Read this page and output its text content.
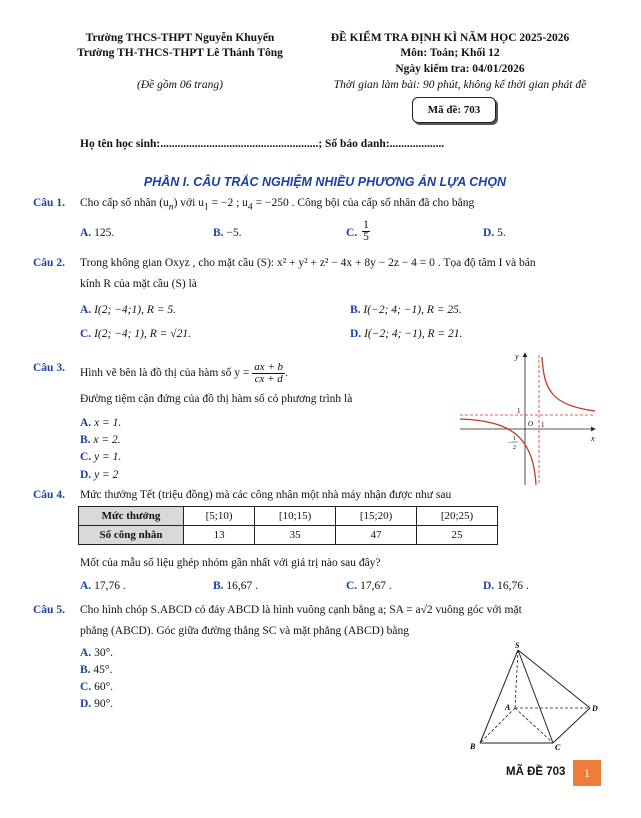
Trường THCS-THPT Nguyễn Khuyến
Trường TH-THCS-THPT Lê Thánh Tông
(Đề gồm 06 trang)
ĐỀ KIỂM TRA ĐỊNH KÌ NĂM HỌC 2025-2026
Môn: Toán; Khối 12
Ngày kiểm tra: 04/01/2026
Thời gian làm bài: 90 phút, không kể thời gian phát đề
Mã đề: 703
Họ tên học sinh:.......................................................; Số báo danh:...................
PHẦN I. CÂU TRẮC NGHIỆM NHIỀU PHƯƠNG ÁN LỰA CHỌN
Câu 1. Cho cấp số nhân $(u_n)$ với $u_1 = -2$ ; $u_4 = -250$ . Công bội của cấp số nhân đã cho bằng
A. 125.	B. −5.	C. $\frac{1}{5}$	D. 5.
Câu 2. Trong không gian Oxyz , cho mặt cầu (S): x² + y² + z² − 4x + 8y − 2z − 4 = 0 . Tọa độ tâm I và bán
kính R của mặt cầu (S) là
A. I(2; −4;1), R = 5.	B. I(−2; 4; −1), R = 25.
C. I(2; −4; 1), R = √21.	D. I(−2; 4; −1), R = 21.
Câu 3. Hình vẽ bên là đồ thị của hàm số $y = \frac{ax + b}{cx + d}$ .
Đường tiệm cận đứng của đồ thị hàm số có phương trình là
A. x = 1.
B. x = 2.
C. y = 1.
D. y = 2
y
x
O
1
1
− 1
2
Câu 4. Mức thưởng Tết (triệu đồng) mà các công nhân một nhà máy nhận được như sau
Mức thưởng	[5;10)	[10;15)	[15;20)	[20;25)
Số công nhân	13	35	47	25
Mốt của mẫu số liệu ghép nhóm gần nhất với giá trị nào sau đây?
A. 17,76 .	B. 16,67 .	C. 17,67 .	D. 16,76 .
Câu 5. Cho hình chóp S.ABCD có đáy ABCD là hình vuông cạnh bằng a; SA = a√2 vuông góc với mặt
phẳng (ABCD). Góc giữa đường thẳng SC và mặt phẳng (ABCD) bằng
A. 30°.
B. 45°.
C. 60°.
D. 90°.
S
A
B	C
D
MÃ ĐỀ 703	1
